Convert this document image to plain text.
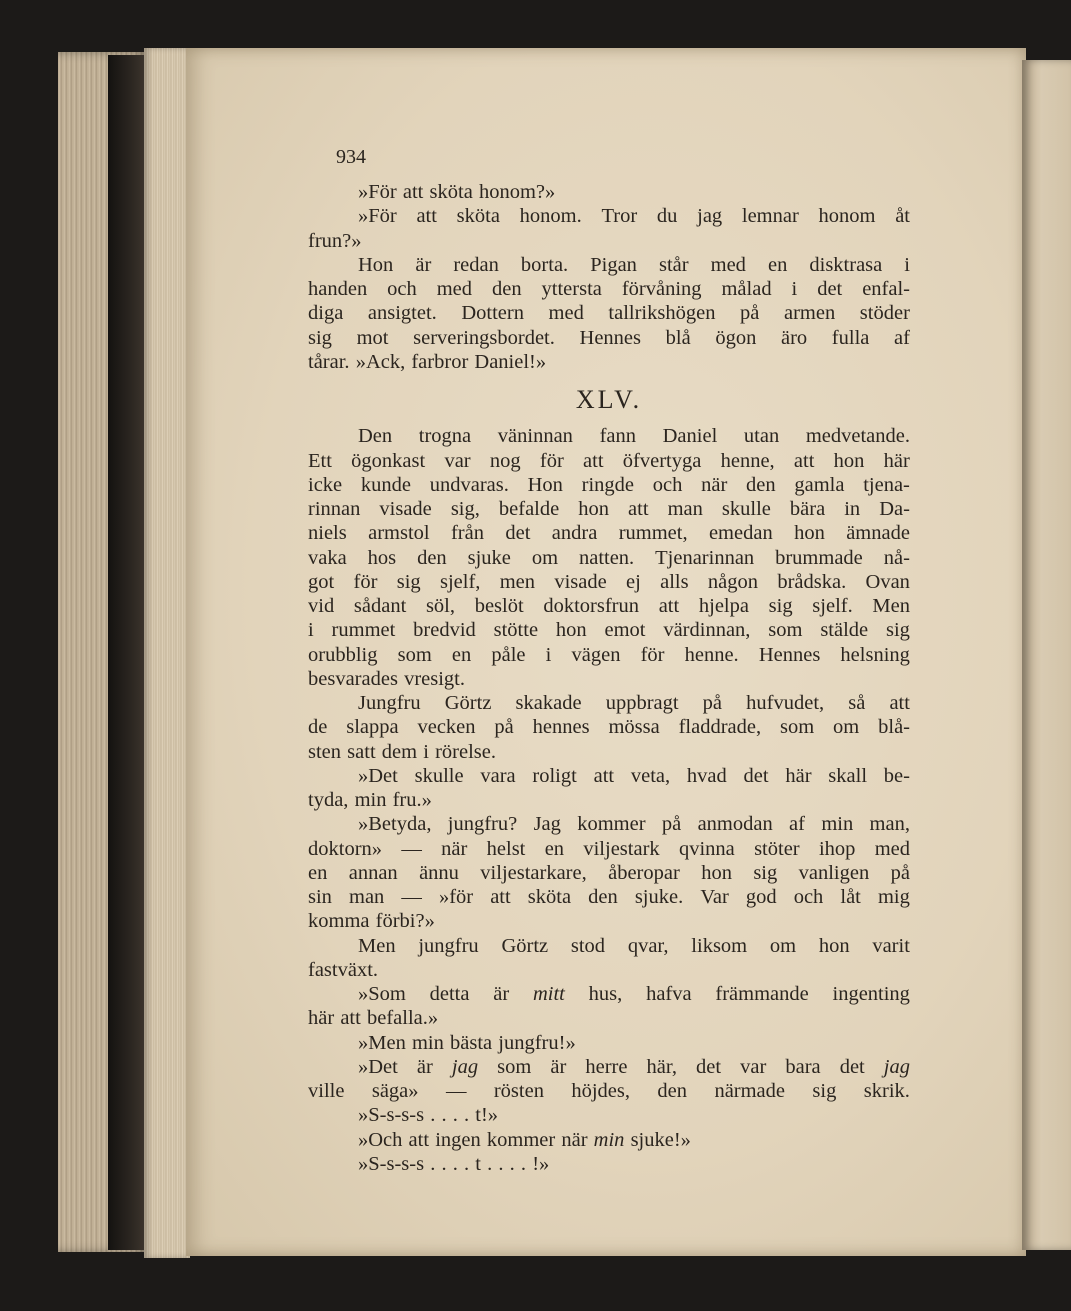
934
»För att sköta honom?»
»För att sköta honom. Tror du jag lemnar honom åt
frun?»
Hon är redan borta. Pigan står med en disktrasa i
handen och med den yttersta förvåning målad i det enfal-
diga ansigtet. Dottern med tallrikshögen på armen stöder
sig mot serveringsbordet. Hennes blå ögon äro fulla af
tårar. »Ack, farbror Daniel!»
XLV.
Den trogna väninnan fann Daniel utan medvetande.
Ett ögonkast var nog för att öfvertyga henne, att hon här
icke kunde undvaras. Hon ringde och när den gamla tjena-
rinnan visade sig, befalde hon att man skulle bära in Da-
niels armstol från det andra rummet, emedan hon ämnade
vaka hos den sjuke om natten. Tjenarinnan brummade nå-
got för sig sjelf, men visade ej alls någon brådska. Ovan
vid sådant söl, beslöt doktorsfrun att hjelpa sig sjelf. Men
i rummet bredvid stötte hon emot värdinnan, som stälde sig
orubblig som en påle i vägen för henne. Hennes helsning
besvarades vresigt.
Jungfru Görtz skakade uppbragt på hufvudet, så att
de slappa vecken på hennes mössa fladdrade, som om blå-
sten satt dem i rörelse.
»Det skulle vara roligt att veta, hvad det här skall be-
tyda, min fru.»
»Betyda, jungfru? Jag kommer på anmodan af min man,
doktorn» — när helst en viljestark qvinna stöter ihop med
en annan ännu viljestarkare, åberopar hon sig vanligen på
sin man — »för att sköta den sjuke. Var god och låt mig
komma förbi?»
Men jungfru Görtz stod qvar, liksom om hon varit
fastväxt.
»Som detta är mitt hus, hafva främmande ingenting
här att befalla.»
»Men min bästa jungfru!»
»Det är jag som är herre här, det var bara det jag
ville säga» — rösten höjdes, den närmade sig skrik.
»S-s-s-s . . . . t!»
»Och att ingen kommer när min sjuke!»
»S-s-s-s . . . . t . . . . !»
